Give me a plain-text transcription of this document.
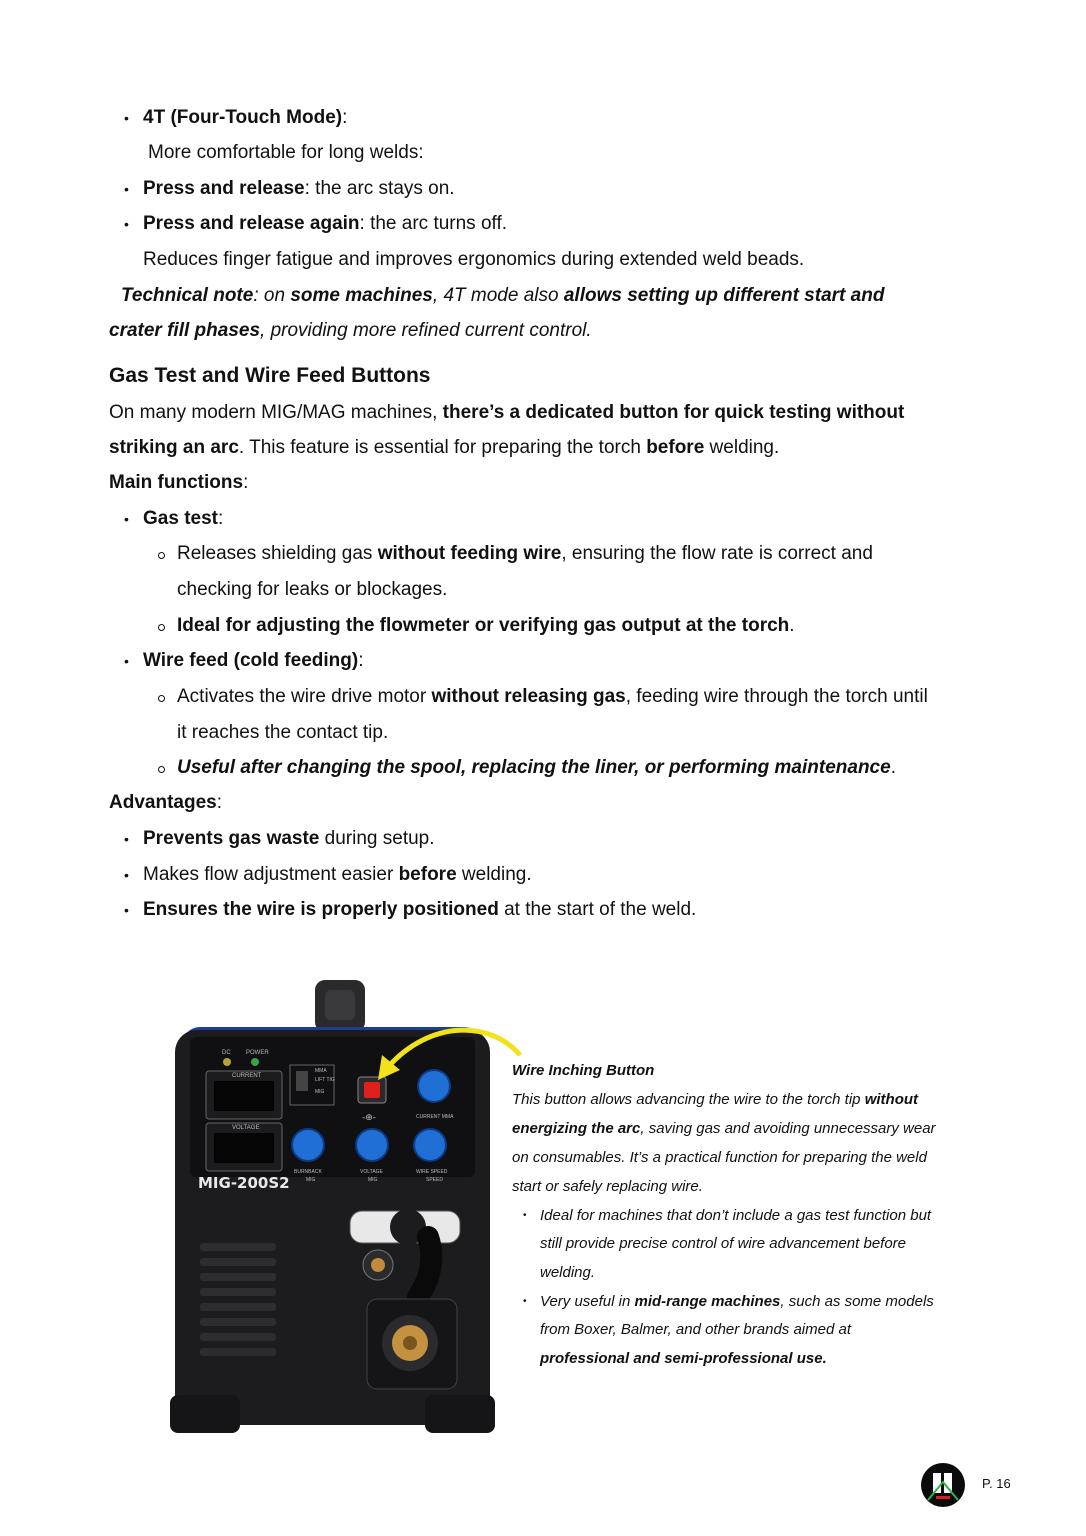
• 4T (Four-Touch Mode):
More comfortable for long welds:
• Press and release: the arc stays on.
• Press and release again: the arc turns off.
Reduces finger fatigue and improves ergonomics during extended weld beads.
Technical note: on some machines, 4T mode also allows setting up different start and
crater fill phases, providing more refined current control.
Gas Test and Wire Feed Buttons
On many modern MIG/MAG machines, there’s a dedicated button for quick testing without
striking an arc. This feature is essential for preparing the torch before welding.
Main functions:
• Gas test:
Releases shielding gas without feeding wire, ensuring the flow rate is correct and
checking for leaks or blockages.
Ideal for adjusting the flowmeter or verifying gas output at the torch.
• Wire feed (cold feeding):
Activates the wire drive motor without releasing gas, feeding wire through the torch until
it reaches the contact tip.
Useful after changing the spool, replacing the liner, or performing maintenance.
Advantages:
• Prevents gas waste during setup.
• Makes flow adjustment easier before welding.
• Ensures the wire is properly positioned at the start of the weld.
DC	POWER
CURRENT
VOLTAGE
MMA
LIFT TIG
MIG
-⊕-	CURRENT MMA
BURNBACK	VOLTAGE	WIRE SPEED
MIG	MIG	SPEED
MIG-200S2
Wire Inching Button
This button allows advancing the wire to the torch tip without
energizing the arc, saving gas and avoiding unnecessary wear
on consumables. It’s a practical function for preparing the weld
start or safely replacing wire.
• Ideal for machines that don’t include a gas test function but
still provide precise control of wire advancement before
welding.
• Very useful in mid-range machines, such as some models
from Boxer, Balmer, and other brands aimed at
professional and semi-professional use.
P. 16
